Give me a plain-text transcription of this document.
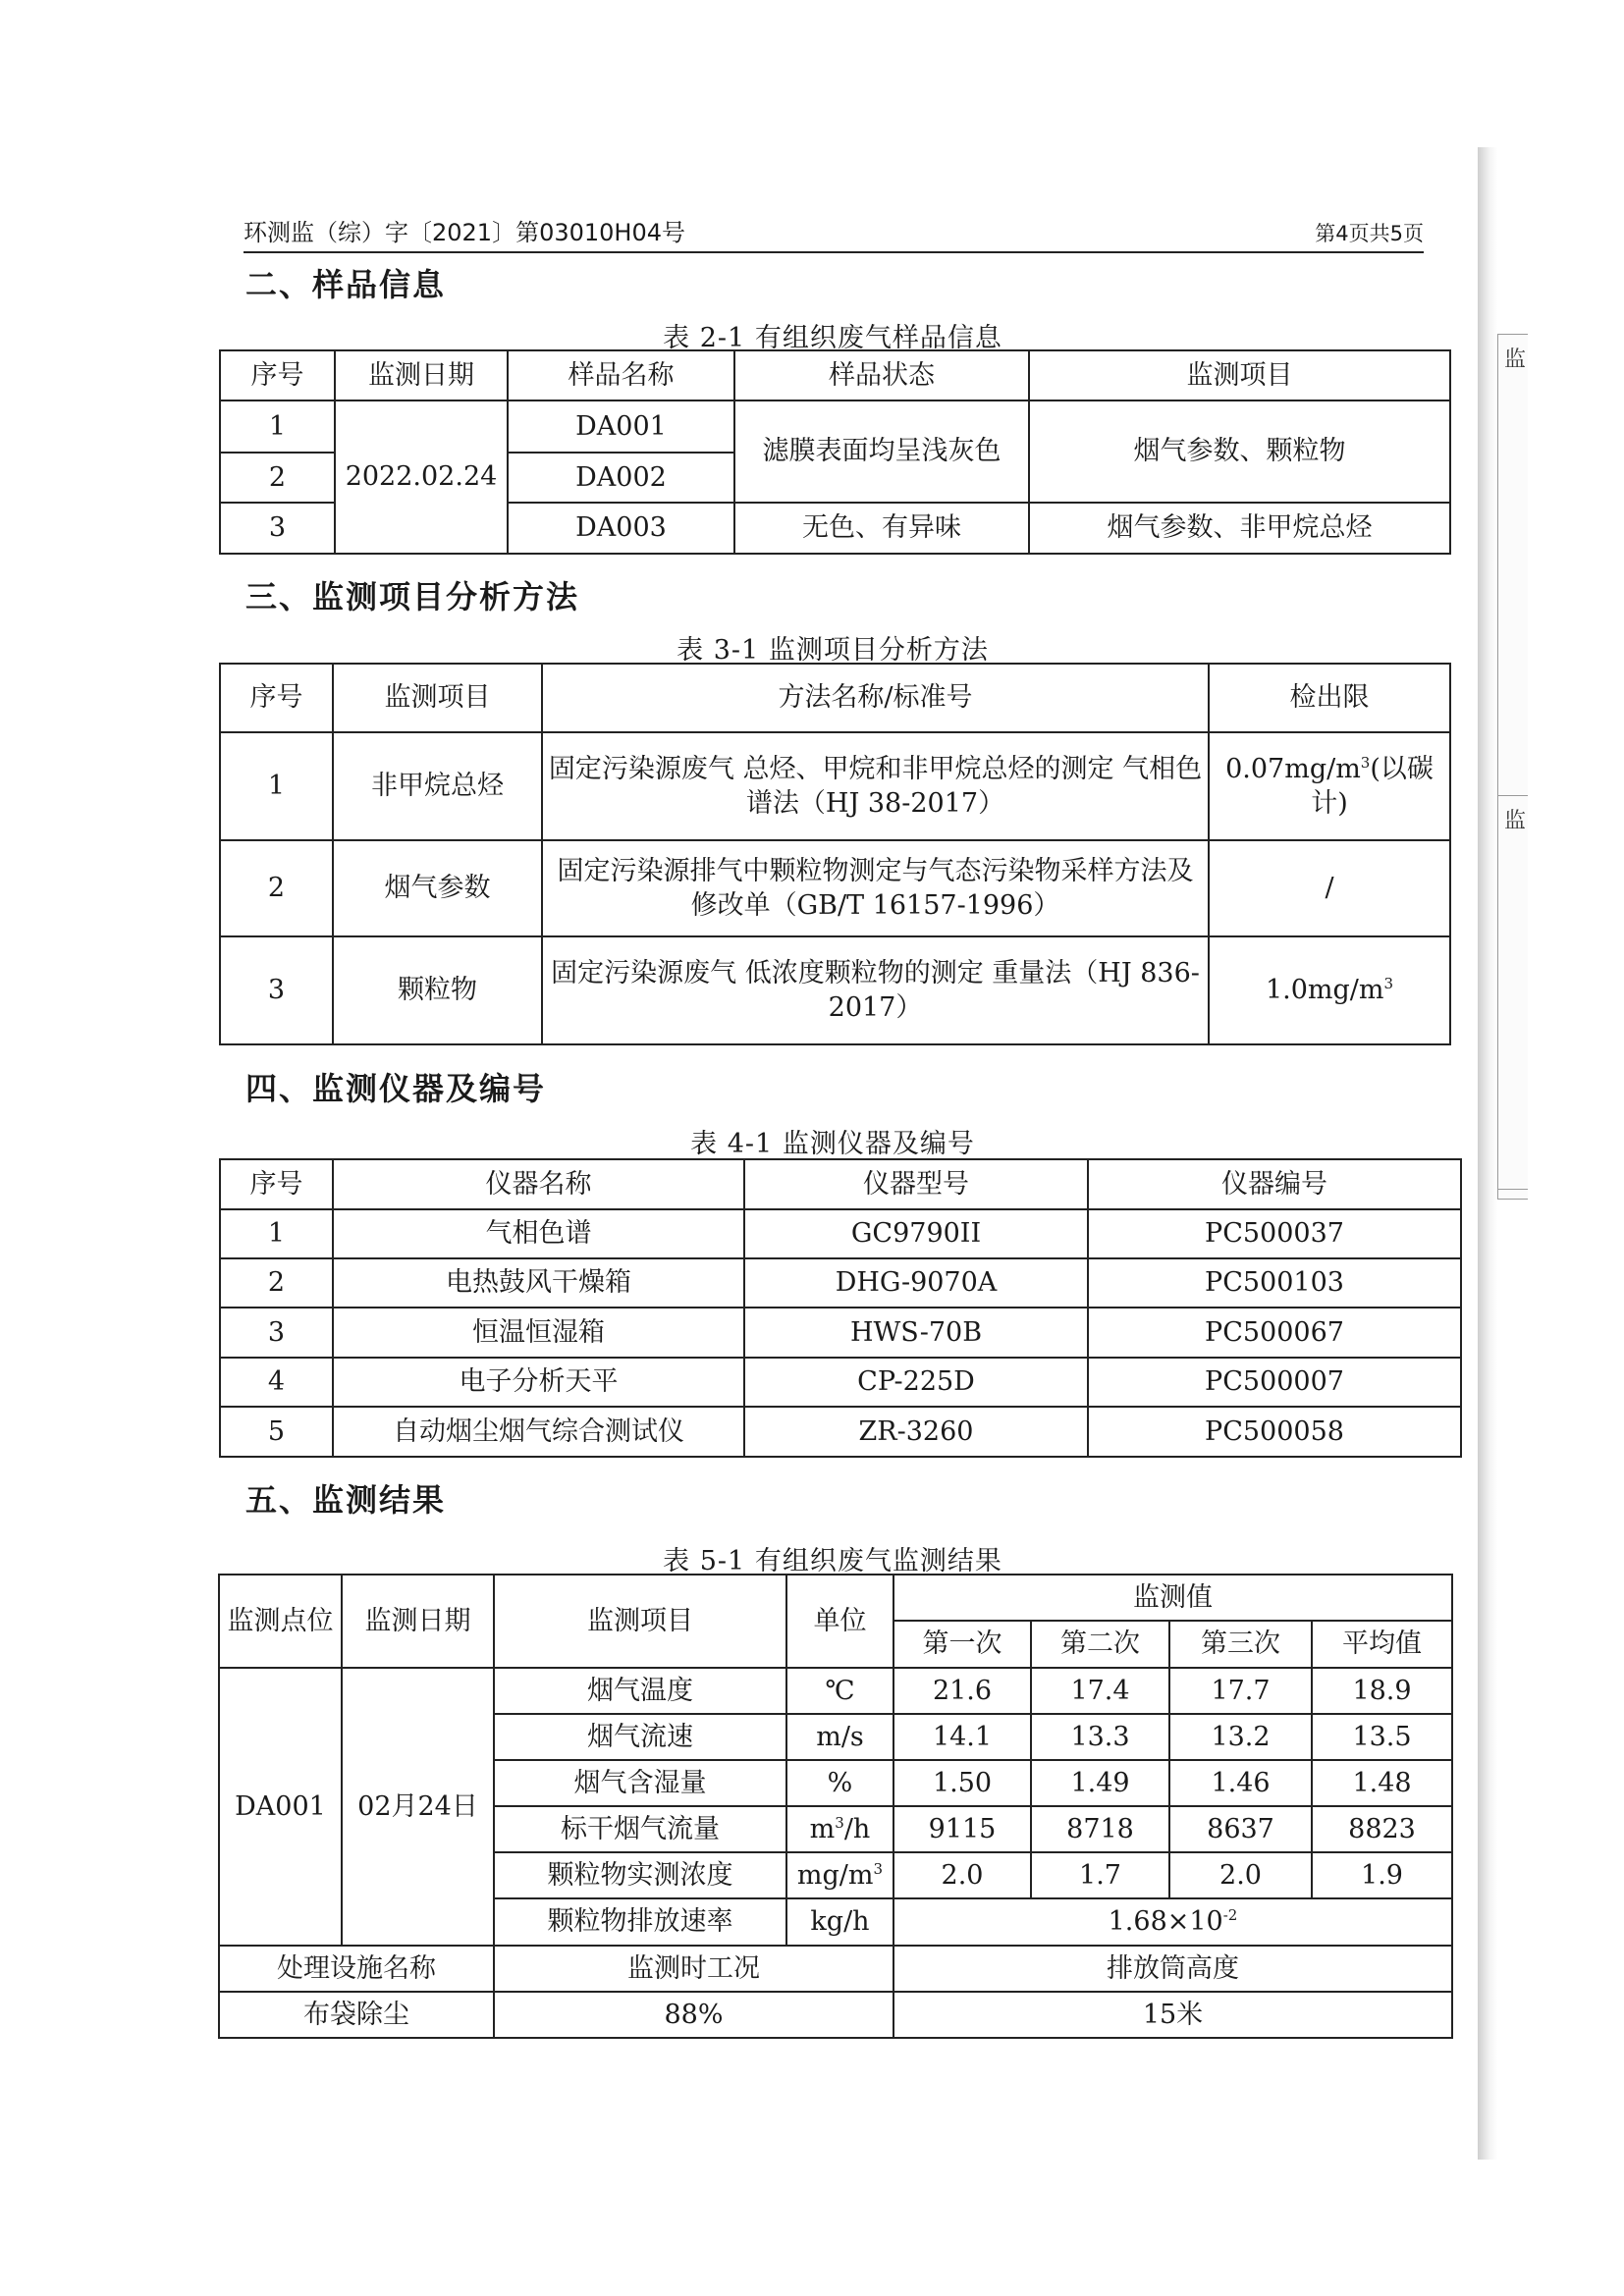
监
监
环测监（综）字〔2021〕第03010H04号	第4页共5页
二、样品信息
表 2-1 有组织废气样品信息
序号	监测日期	样品名称	样品状态	监测项目
1	2022.02.24	DA001	滤膜表面均呈浅灰色	烟气参数、颗粒物
2		DA002		
3		DA003	无色、有异味	烟气参数、非甲烷总烃
三、监测项目分析方法
表 3-1 监测项目分析方法
序号	监测项目	方法名称/标准号	检出限
1	非甲烷总烃	固定污染源废气 总烃、甲烷和非甲烷总烃的测定 气相色谱法（HJ 38-2017）	$0.07mg/m^3$(以碳计)
2	烟气参数	固定污染源排气中颗粒物测定与气态污染物采样方法及修改单（GB/T 16157-1996）	/
3	颗粒物	固定污染源废气 低浓度颗粒物的测定 重量法（HJ 836-2017）	$1.0mg/m^3$
四、监测仪器及编号
表 4-1 监测仪器及编号
序号	仪器名称	仪器型号	仪器编号
1	气相色谱	GC9790II	PC500037
2	电热鼓风干燥箱	DHG-9070A	PC500103
3	恒温恒湿箱	HWS-70B	PC500067
4	电子分析天平	CP-225D	PC500007
5	自动烟尘烟气综合测试仪	ZR-3260	PC500058
五、监测结果
表 5-1 有组织废气监测结果
监测点位	监测日期	监测项目	单位	监测值			
				第一次	第二次	第三次	平均值
DA001	02月24日	烟气温度	℃	21.6	17.4	17.7	18.9
		烟气流速	m/s	14.1	13.3	13.2	13.5
		烟气含湿量	%	1.50	1.49	1.46	1.48
		标干烟气流量	$m^3/h$	9115	8718	8637	8823
		颗粒物实测浓度	$mg/m^3$	2.0	1.7	2.0	1.9
		颗粒物排放速率	kg/h	$1.68\times 10^{-2}$
处理设施名称		监测时工况		排放筒高度			
布袋除尘		88%		15米			
